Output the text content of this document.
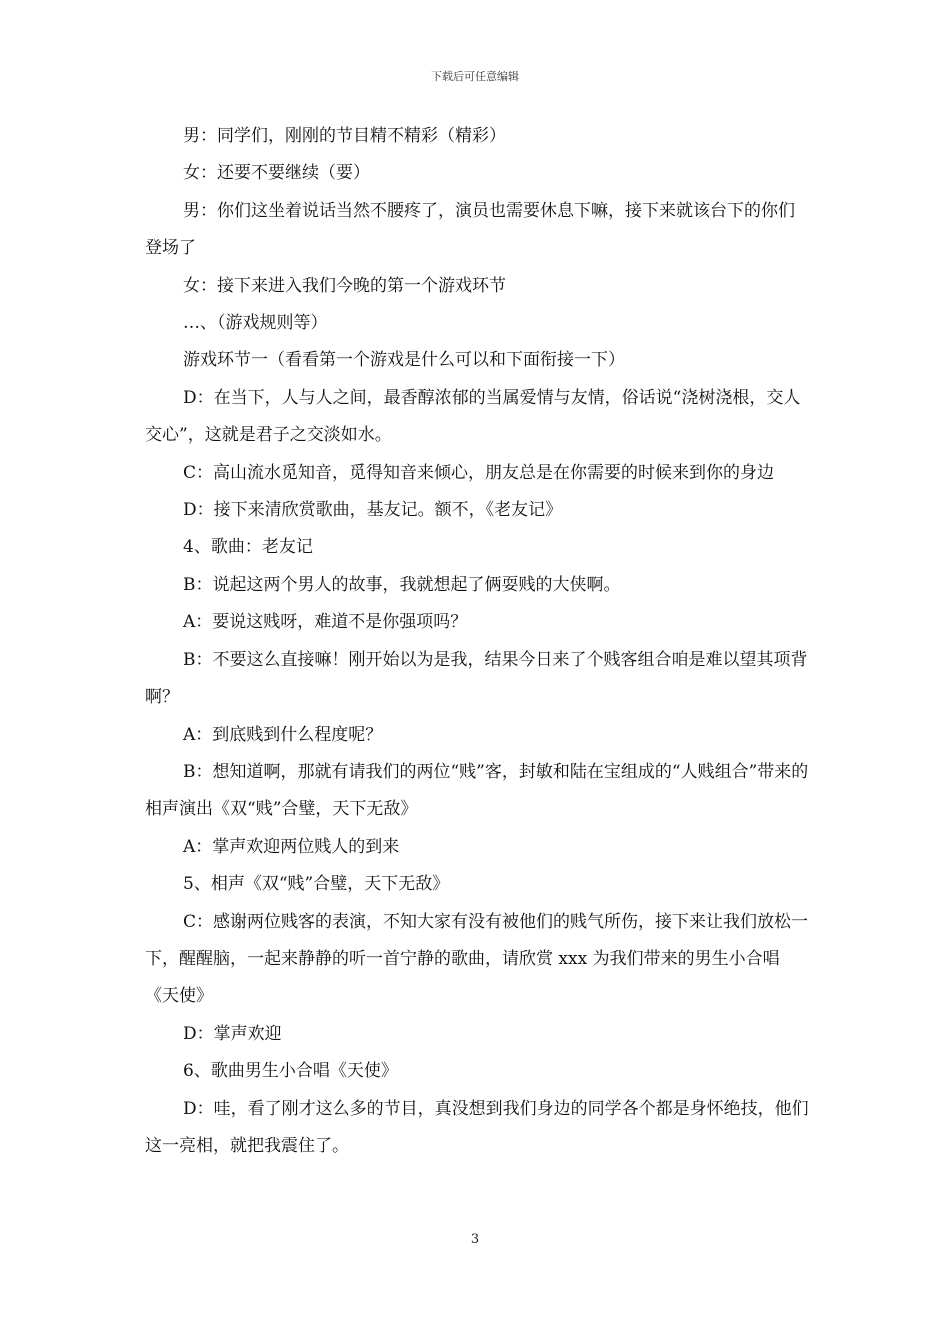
下载后可任意编辑

男：同学们，刚刚的节目精不精彩（精彩）

女：还要不要继续（要）

男：你们这坐着说话当然不腰疼了，演员也需要休息下嘛，接下来就该台下的你们登场了

女：接下来进入我们今晚的第一个游戏环节

…、（游戏规则等）

游戏环节一（看看第一个游戏是什么可以和下面衔接一下）

D：在当下，人与人之间，最香醇浓郁的当属爱情与友情，俗话说“浇树浇根，交人交心”，这就是君子之交淡如水。

C：高山流水觅知音，觅得知音来倾心，朋友总是在你需要的时候来到你的身边

D：接下来清欣赏歌曲，基友记。额不，《老友记》

4、歌曲：老友记

B：说起这两个男人的故事，我就想起了俩耍贱的大侠啊。

A：要说这贱呀，难道不是你强项吗？

B：不要这么直接嘛！刚开始以为是我，结果今日来了个贱客组合咱是难以望其项背啊？

A：到底贱到什么程度呢？

B：想知道啊，那就有请我们的两位“贱”客，封敏和陆在宝组成的“人贱组合”带来的相声演出《双“贱”合璧，天下无敌》

A：掌声欢迎两位贱人的到来

5、相声《双“贱”合璧，天下无敌》

C：感谢两位贱客的表演，不知大家有没有被他们的贱气所伤，接下来让我们放松一下，醒醒脑，一起来静静的听一首宁静的歌曲，请欣赏 xxx 为我们带来的男生小合唱《天使》

D：掌声欢迎

6、歌曲男生小合唱《天使》

D：哇，看了刚才这么多的节目，真没想到我们身边的同学各个都是身怀绝技，他们这一亮相，就把我震住了。

3
